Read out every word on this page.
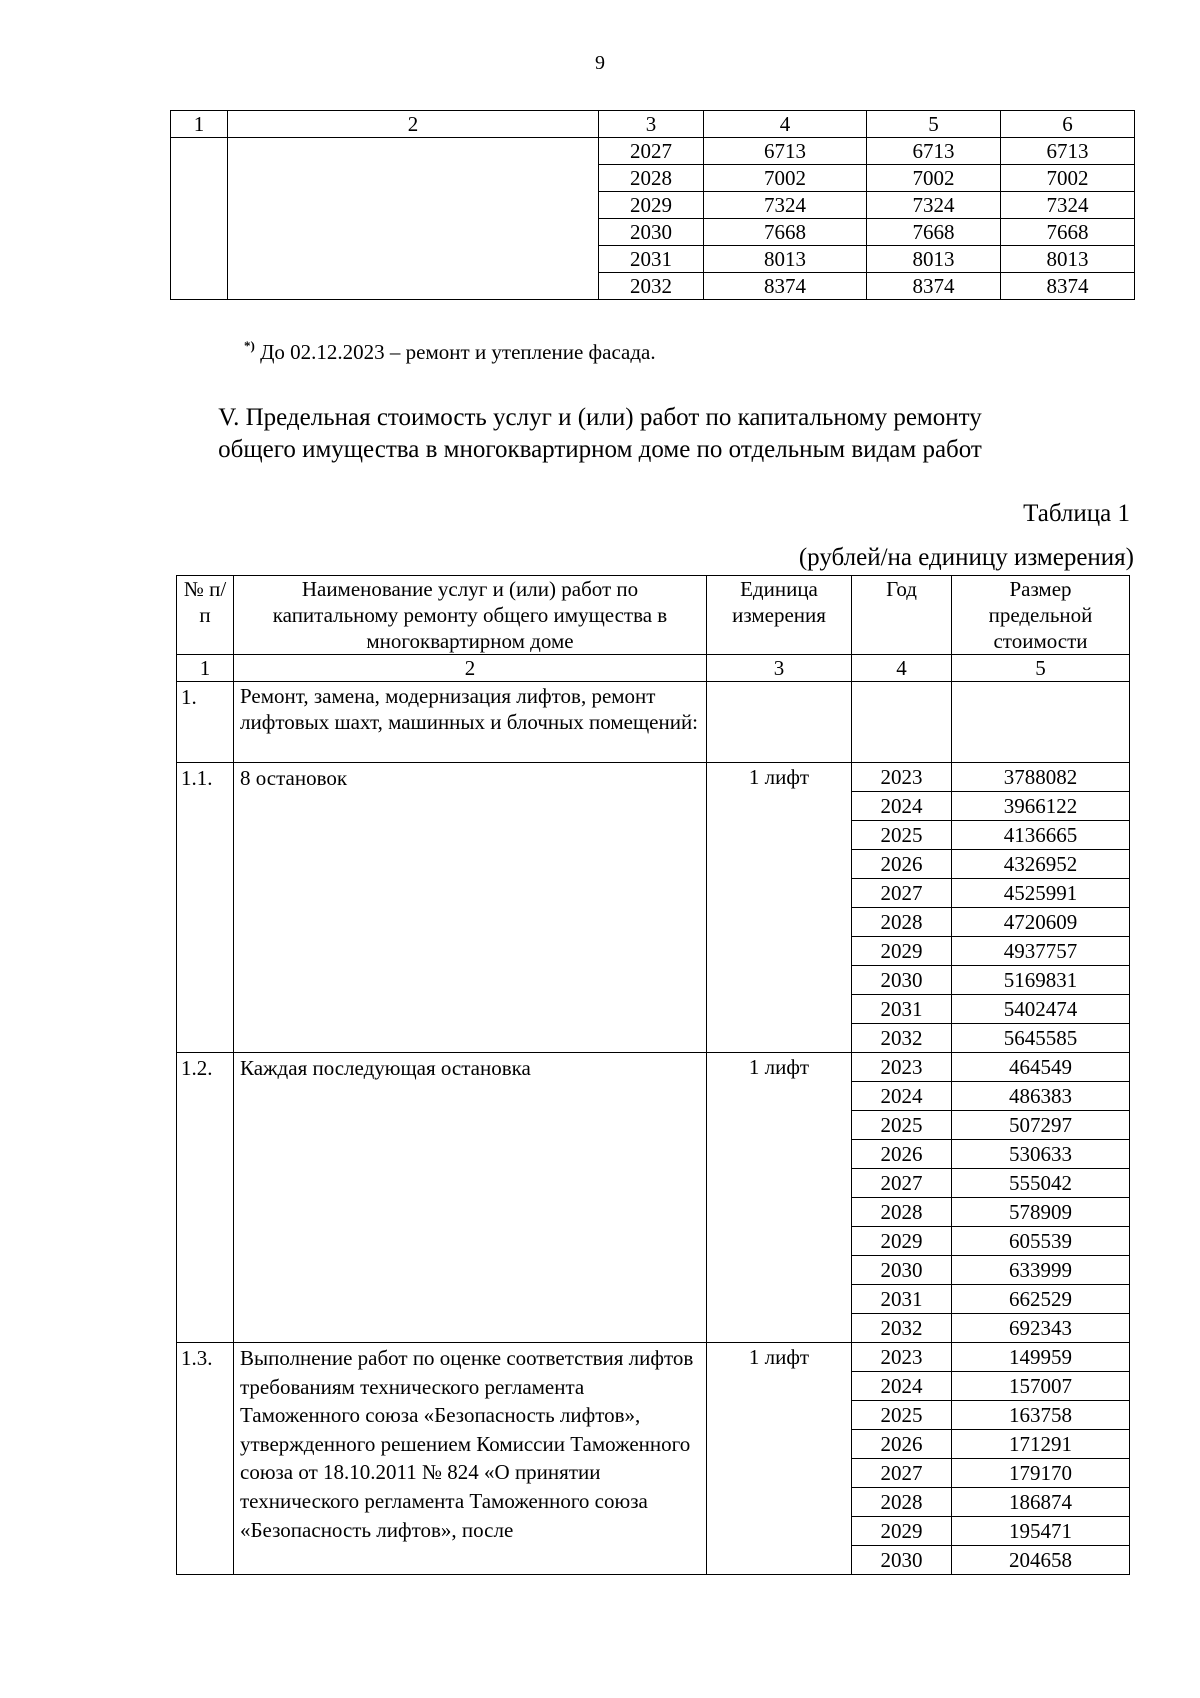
9
1	2	3	4	5	6
		2027	6713	6713	6713
		2028	7002	7002	7002
		2029	7324	7324	7324
		2030	7668	7668	7668
		2031	8013	8013	8013
		2032	8374	8374	8374
*) До 02.12.2023 – ремонт и утепление фасада.
V. Предельная стоимость услуг и (или) работ по капитальному ремонту
общего имущества в многоквартирном доме по отдельным видам работ
Таблица 1
(рублей/на единицу измерения)
№ п/п	Наименование услуг и (или) работ по капитальному ремонту общего имущества в многоквартирном доме	Единица измерения	Год	Размер предельной стоимости
1	2	3	4	5
1.	Ремонт, замена, модернизация лифтов, ремонт лифтовых шахт, машинных и блочных помещений:			
1.1.	8 остановок	1 лифт	2023	3788082
			2024	3966122
			2025	4136665
			2026	4326952
			2027	4525991
			2028	4720609
			2029	4937757
			2030	5169831
			2031	5402474
			2032	5645585
1.2.	Каждая последующая остановка	1 лифт	2023	464549
			2024	486383
			2025	507297
			2026	530633
			2027	555042
			2028	578909
			2029	605539
			2030	633999
			2031	662529
			2032	692343
1.3.	Выполнение работ по оценке соответствия лифтов требованиям технического регламента Таможенного союза «Безопасность лифтов», утвержденного решением Комиссии Таможенного союза от 18.10.2011 № 824 «О принятии технического регламента Таможенного союза «Безопасность лифтов», после	1 лифт	2023	149959
			2024	157007
			2025	163758
			2026	171291
			2027	179170
			2028	186874
			2029	195471
			2030	204658
